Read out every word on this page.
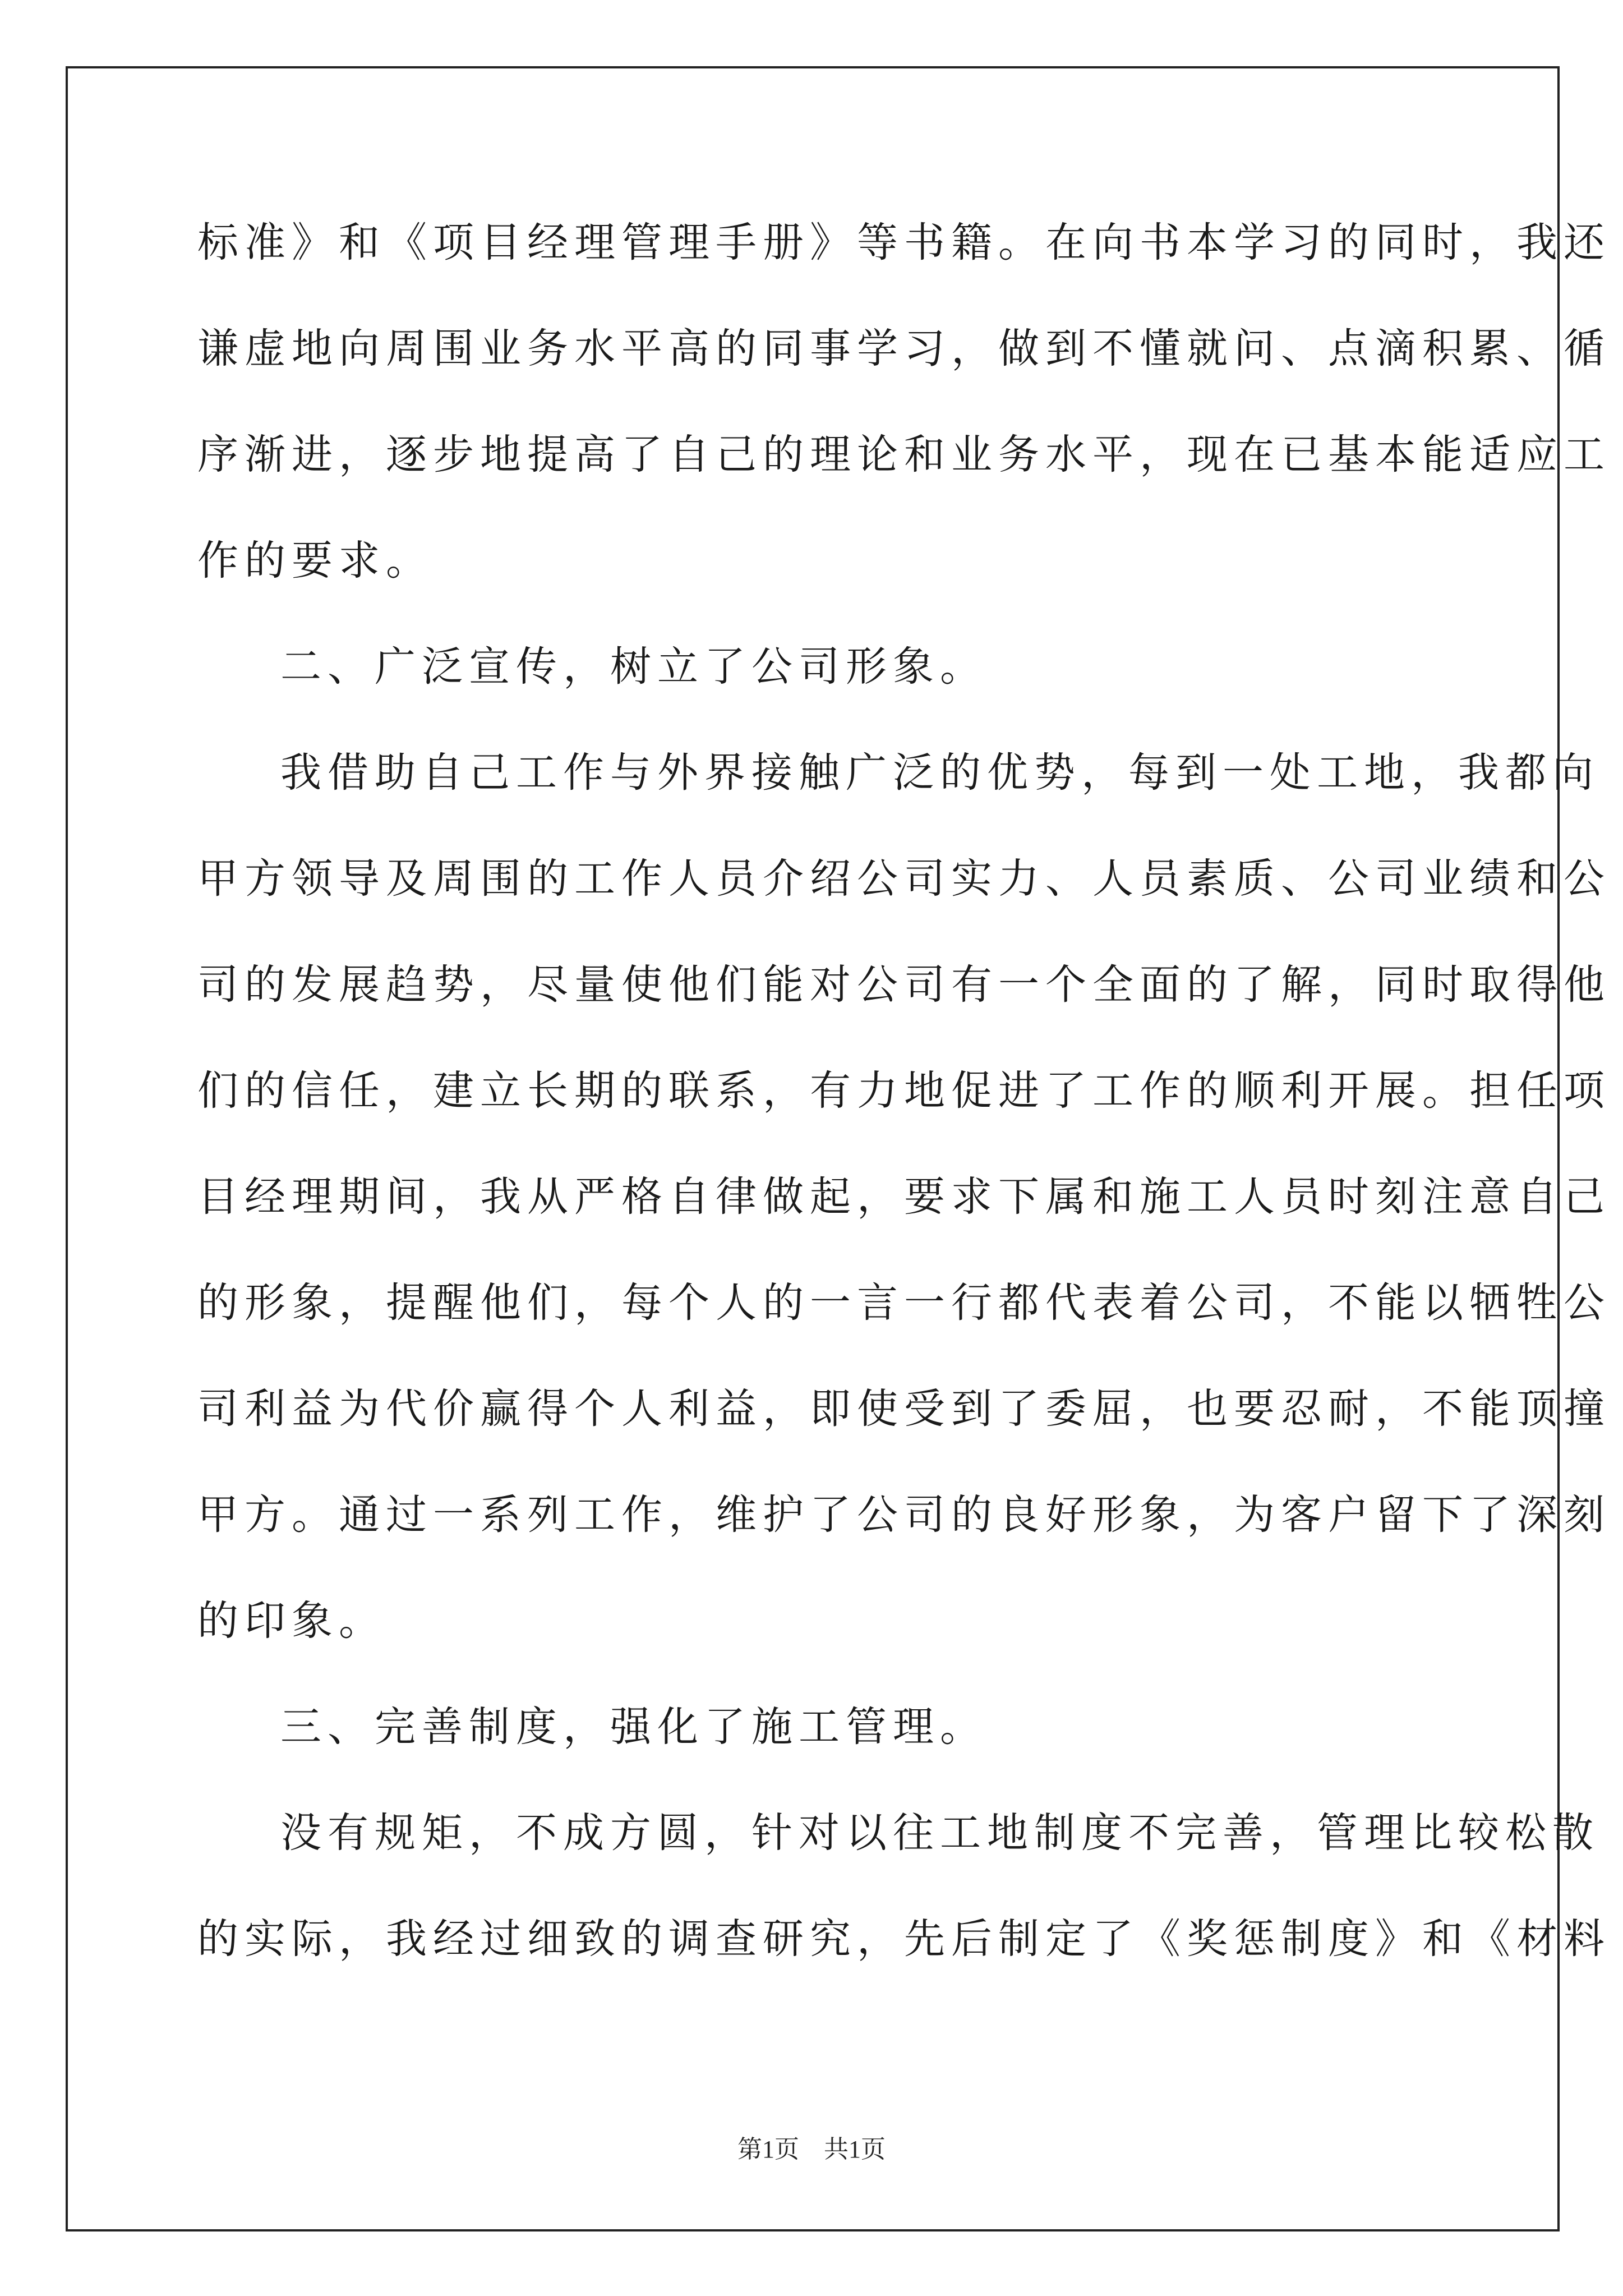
标准》和《项目经理管理手册》等书籍。在向书本学习的同时，我还
谦虚地向周围业务水平高的同事学习，做到不懂就问、点滴积累、循
序渐进，逐步地提高了自己的理论和业务水平，现在已基本能适应工
作的要求。
二、广泛宣传，树立了公司形象。
我借助自己工作与外界接触广泛的优势，每到一处工地，我都向
甲方领导及周围的工作人员介绍公司实力、人员素质、公司业绩和公
司的发展趋势，尽量使他们能对公司有一个全面的了解，同时取得他
们的信任，建立长期的联系，有力地促进了工作的顺利开展。担任项
目经理期间，我从严格自律做起，要求下属和施工人员时刻注意自己
的形象，提醒他们，每个人的一言一行都代表着公司，不能以牺牲公
司利益为代价赢得个人利益，即使受到了委屈，也要忍耐，不能顶撞
甲方。通过一系列工作，维护了公司的良好形象，为客户留下了深刻
的印象。
三、完善制度，强化了施工管理。
没有规矩，不成方圆，针对以往工地制度不完善，管理比较松散
的实际，我经过细致的调查研究，先后制定了《奖惩制度》和《材料
第1页　共1页
